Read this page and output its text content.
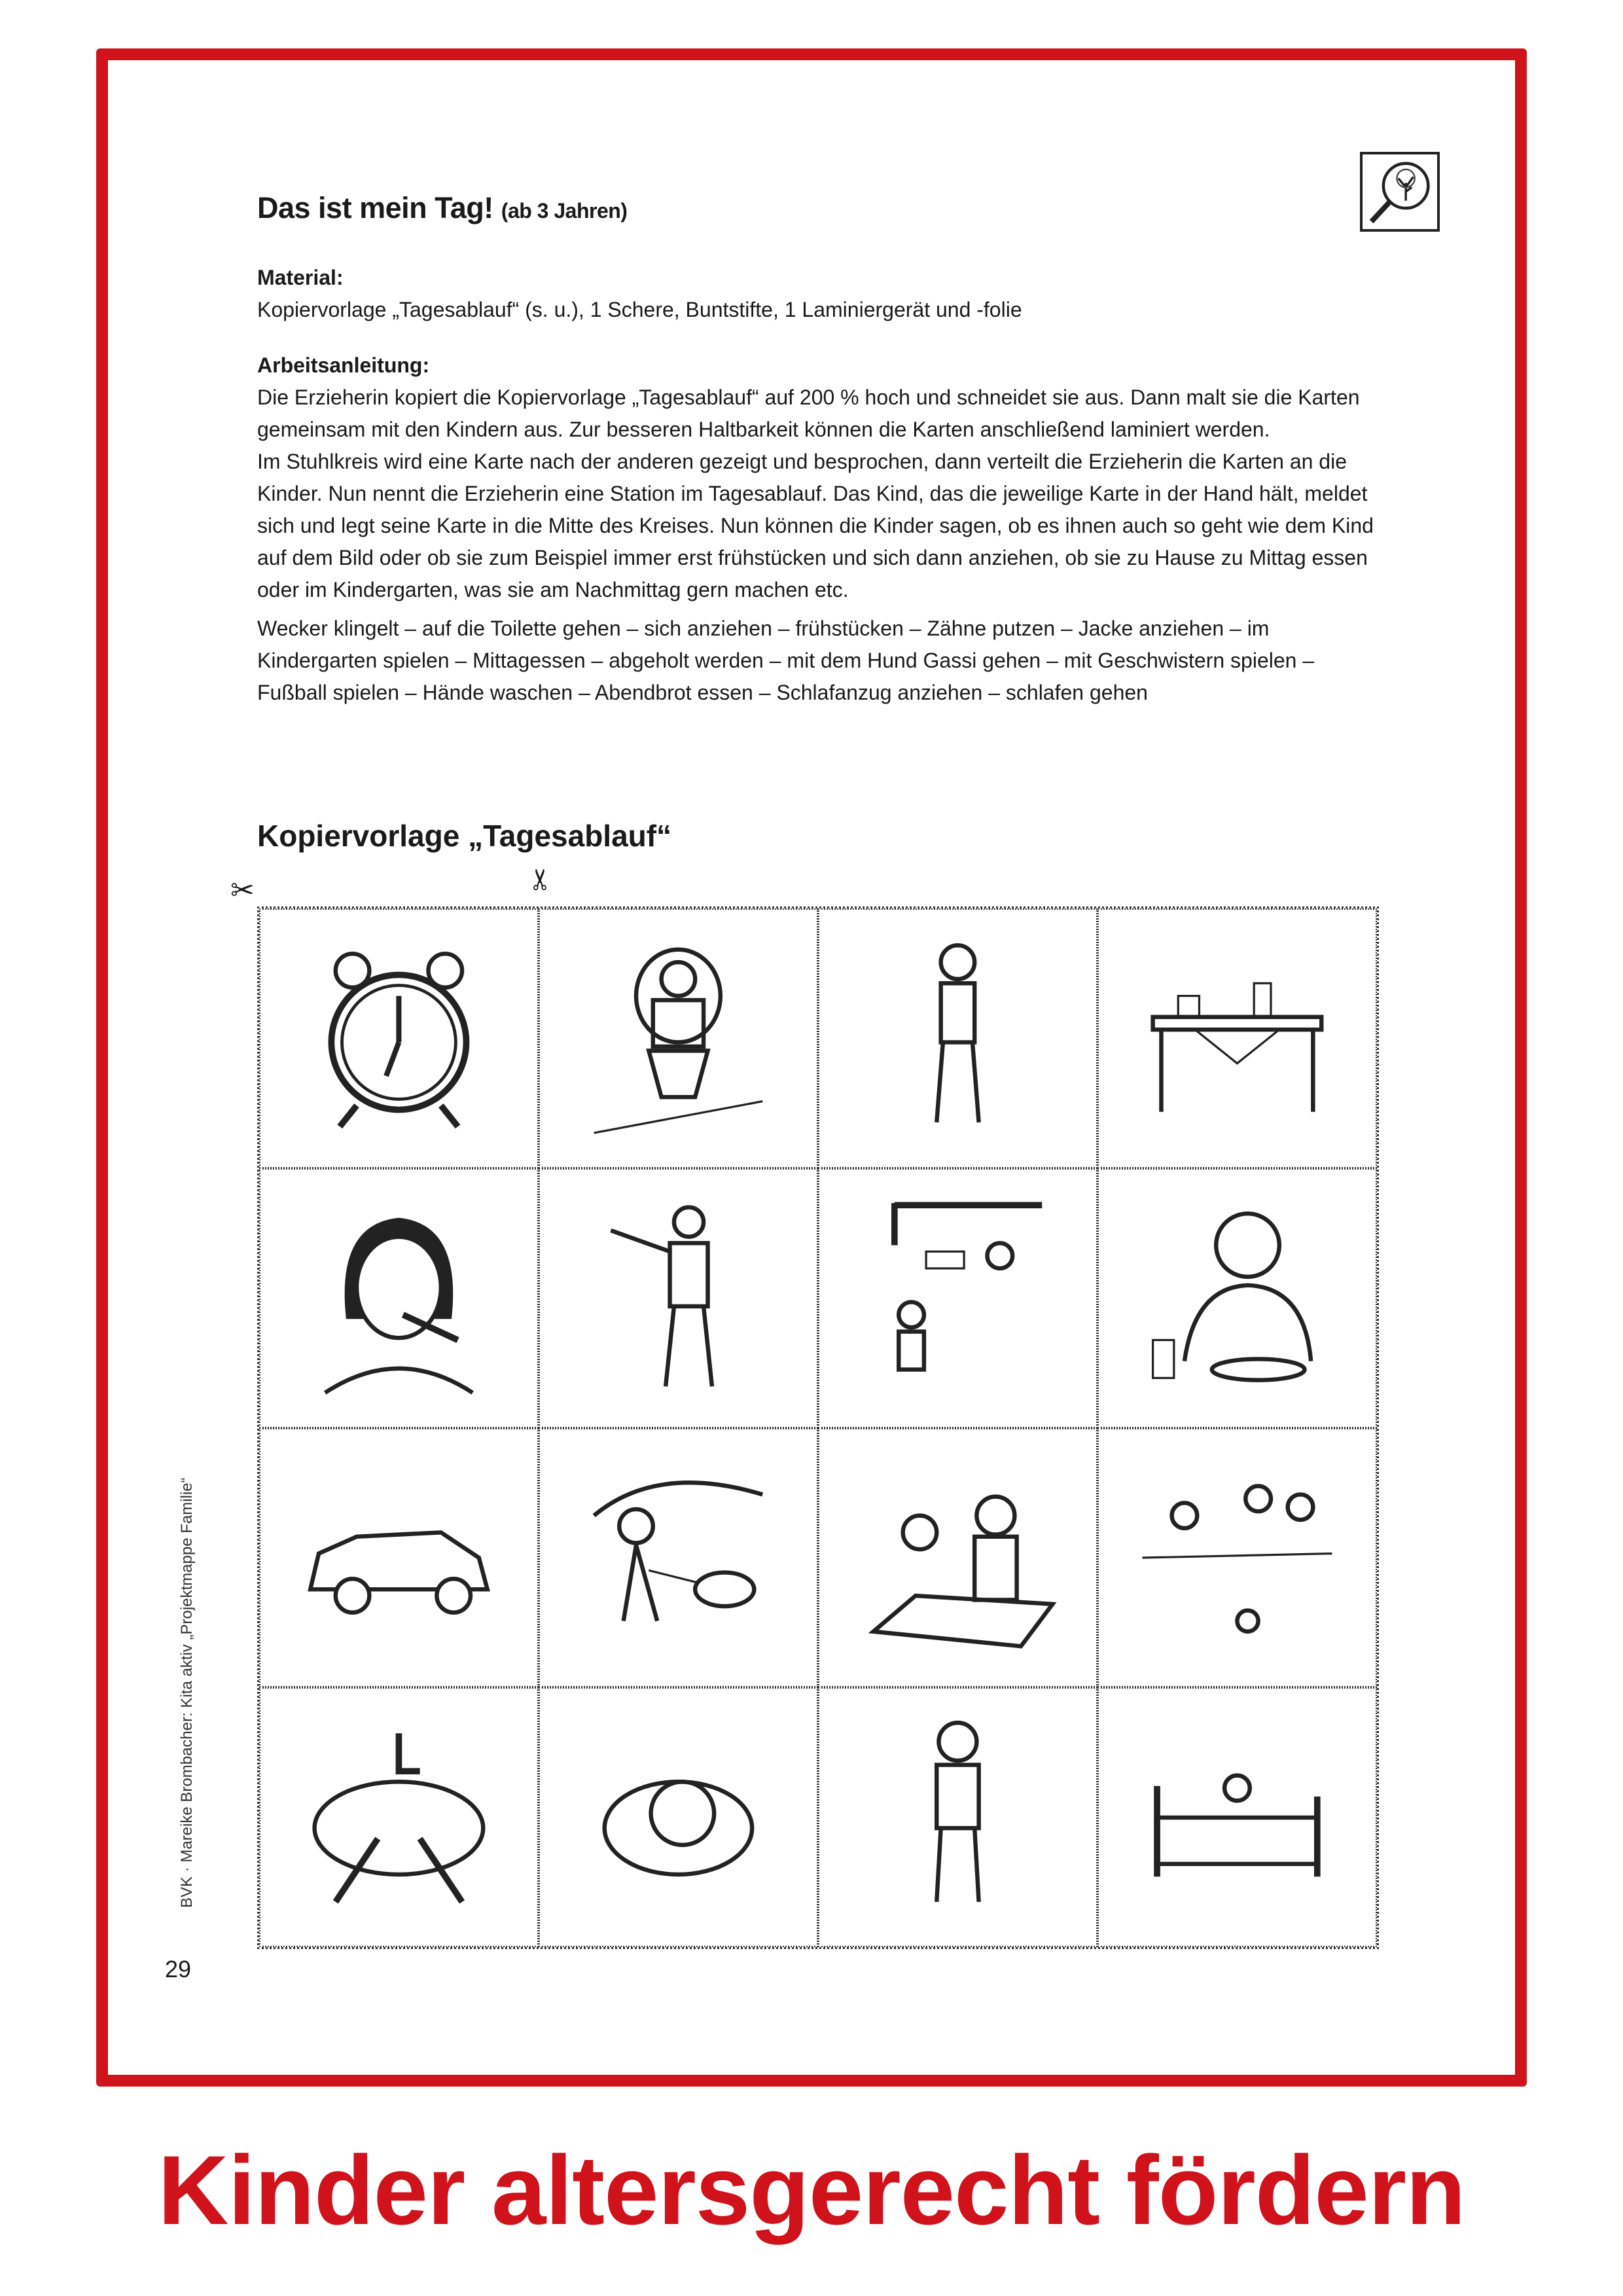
Das ist mein Tag! (ab 3 Jahren)
Material:
Kopiervorlage „Tagesablauf“ (s. u.), 1 Schere, Buntstifte, 1 Laminiergerät und -folie
Arbeitsanleitung:
Die Erzieherin kopiert die Kopiervorlage „Tagesablauf“ auf 200 % hoch und schneidet sie aus. Dann malt sie die Karten gemeinsam mit den Kindern aus. Zur besseren Haltbarkeit können die Karten anschließend laminiert werden.
Im Stuhlkreis wird eine Karte nach der anderen gezeigt und besprochen, dann verteilt die Erzieherin die Karten an die Kinder. Nun nennt die Erzieherin eine Station im Tagesablauf. Das Kind, das die jeweilige Karte in der Hand hält, meldet sich und legt seine Karte in die Mitte des Kreises. Nun können die Kinder sagen, ob es ihnen auch so geht wie dem Kind auf dem Bild oder ob sie zum Beispiel immer erst frühstücken und sich dann anziehen, ob sie zu Hause zu Mittag essen oder im Kindergarten, was sie am Nachmittag gern machen etc.
Wecker klingelt – auf die Toilette gehen – sich anziehen – frühstücken – Zähne putzen – Jacke anziehen – im Kindergarten spielen – Mittagessen – abgeholt werden – mit dem Hund Gassi gehen – mit Geschwistern spielen – Fußball spielen – Hände waschen – Abendbrot essen – Schlafanzug anziehen – schlafen gehen
Kopiervorlage „Tagesablauf“
✂	✂
BVK · Mareike Brombacher: Kita aktiv „Projektmappe Familie“
29
Kinder altersgerecht fördern
